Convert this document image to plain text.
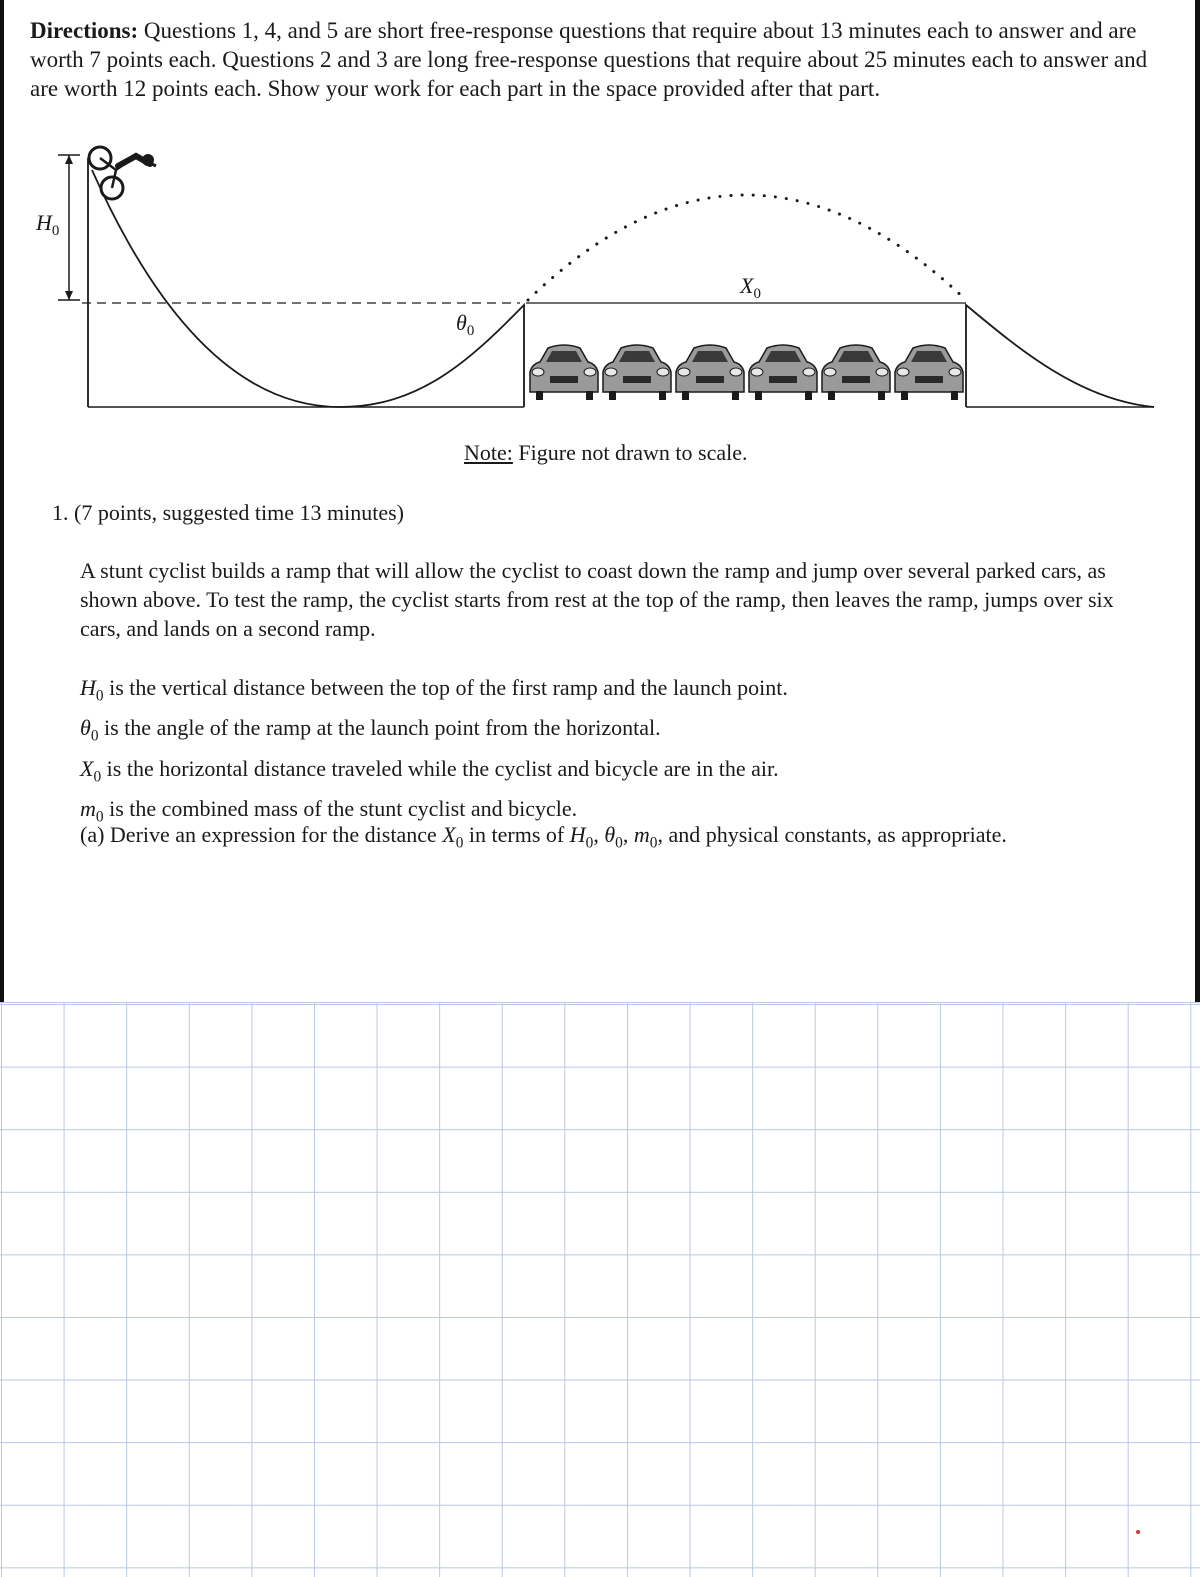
Directions: Questions 1, 4, and 5 are short free-response questions that require about 13 minutes each to answer and are worth 7 points each. Questions 2 and 3 are long free-response questions that require about 25 minutes each to answer and are worth 12 points each. Show your work for each part in the space provided after that part.

$H_0$
$\theta_0$
$X_0$
Note: Figure not drawn to scale.
1. (7 points, suggested time 13 minutes)

A stunt cyclist builds a ramp that will allow the cyclist to coast down the ramp and jump over several parked cars, as shown above. To test the ramp, the cyclist starts from rest at the top of the ramp, then leaves the ramp, jumps over six cars, and lands on a second ramp.

$H_0$ is the vertical distance between the top of the first ramp and the launch point.
$\theta_0$ is the angle of the ramp at the launch point from the horizontal.
$X_0$ is the horizontal distance traveled while the cyclist and bicycle are in the air.
$m_0$ is the combined mass of the stunt cyclist and bicycle.
(a) Derive an expression for the distance $X_0$ in terms of $H_0$, $\theta_0$, $m_0$, and physical constants, as appropriate.
